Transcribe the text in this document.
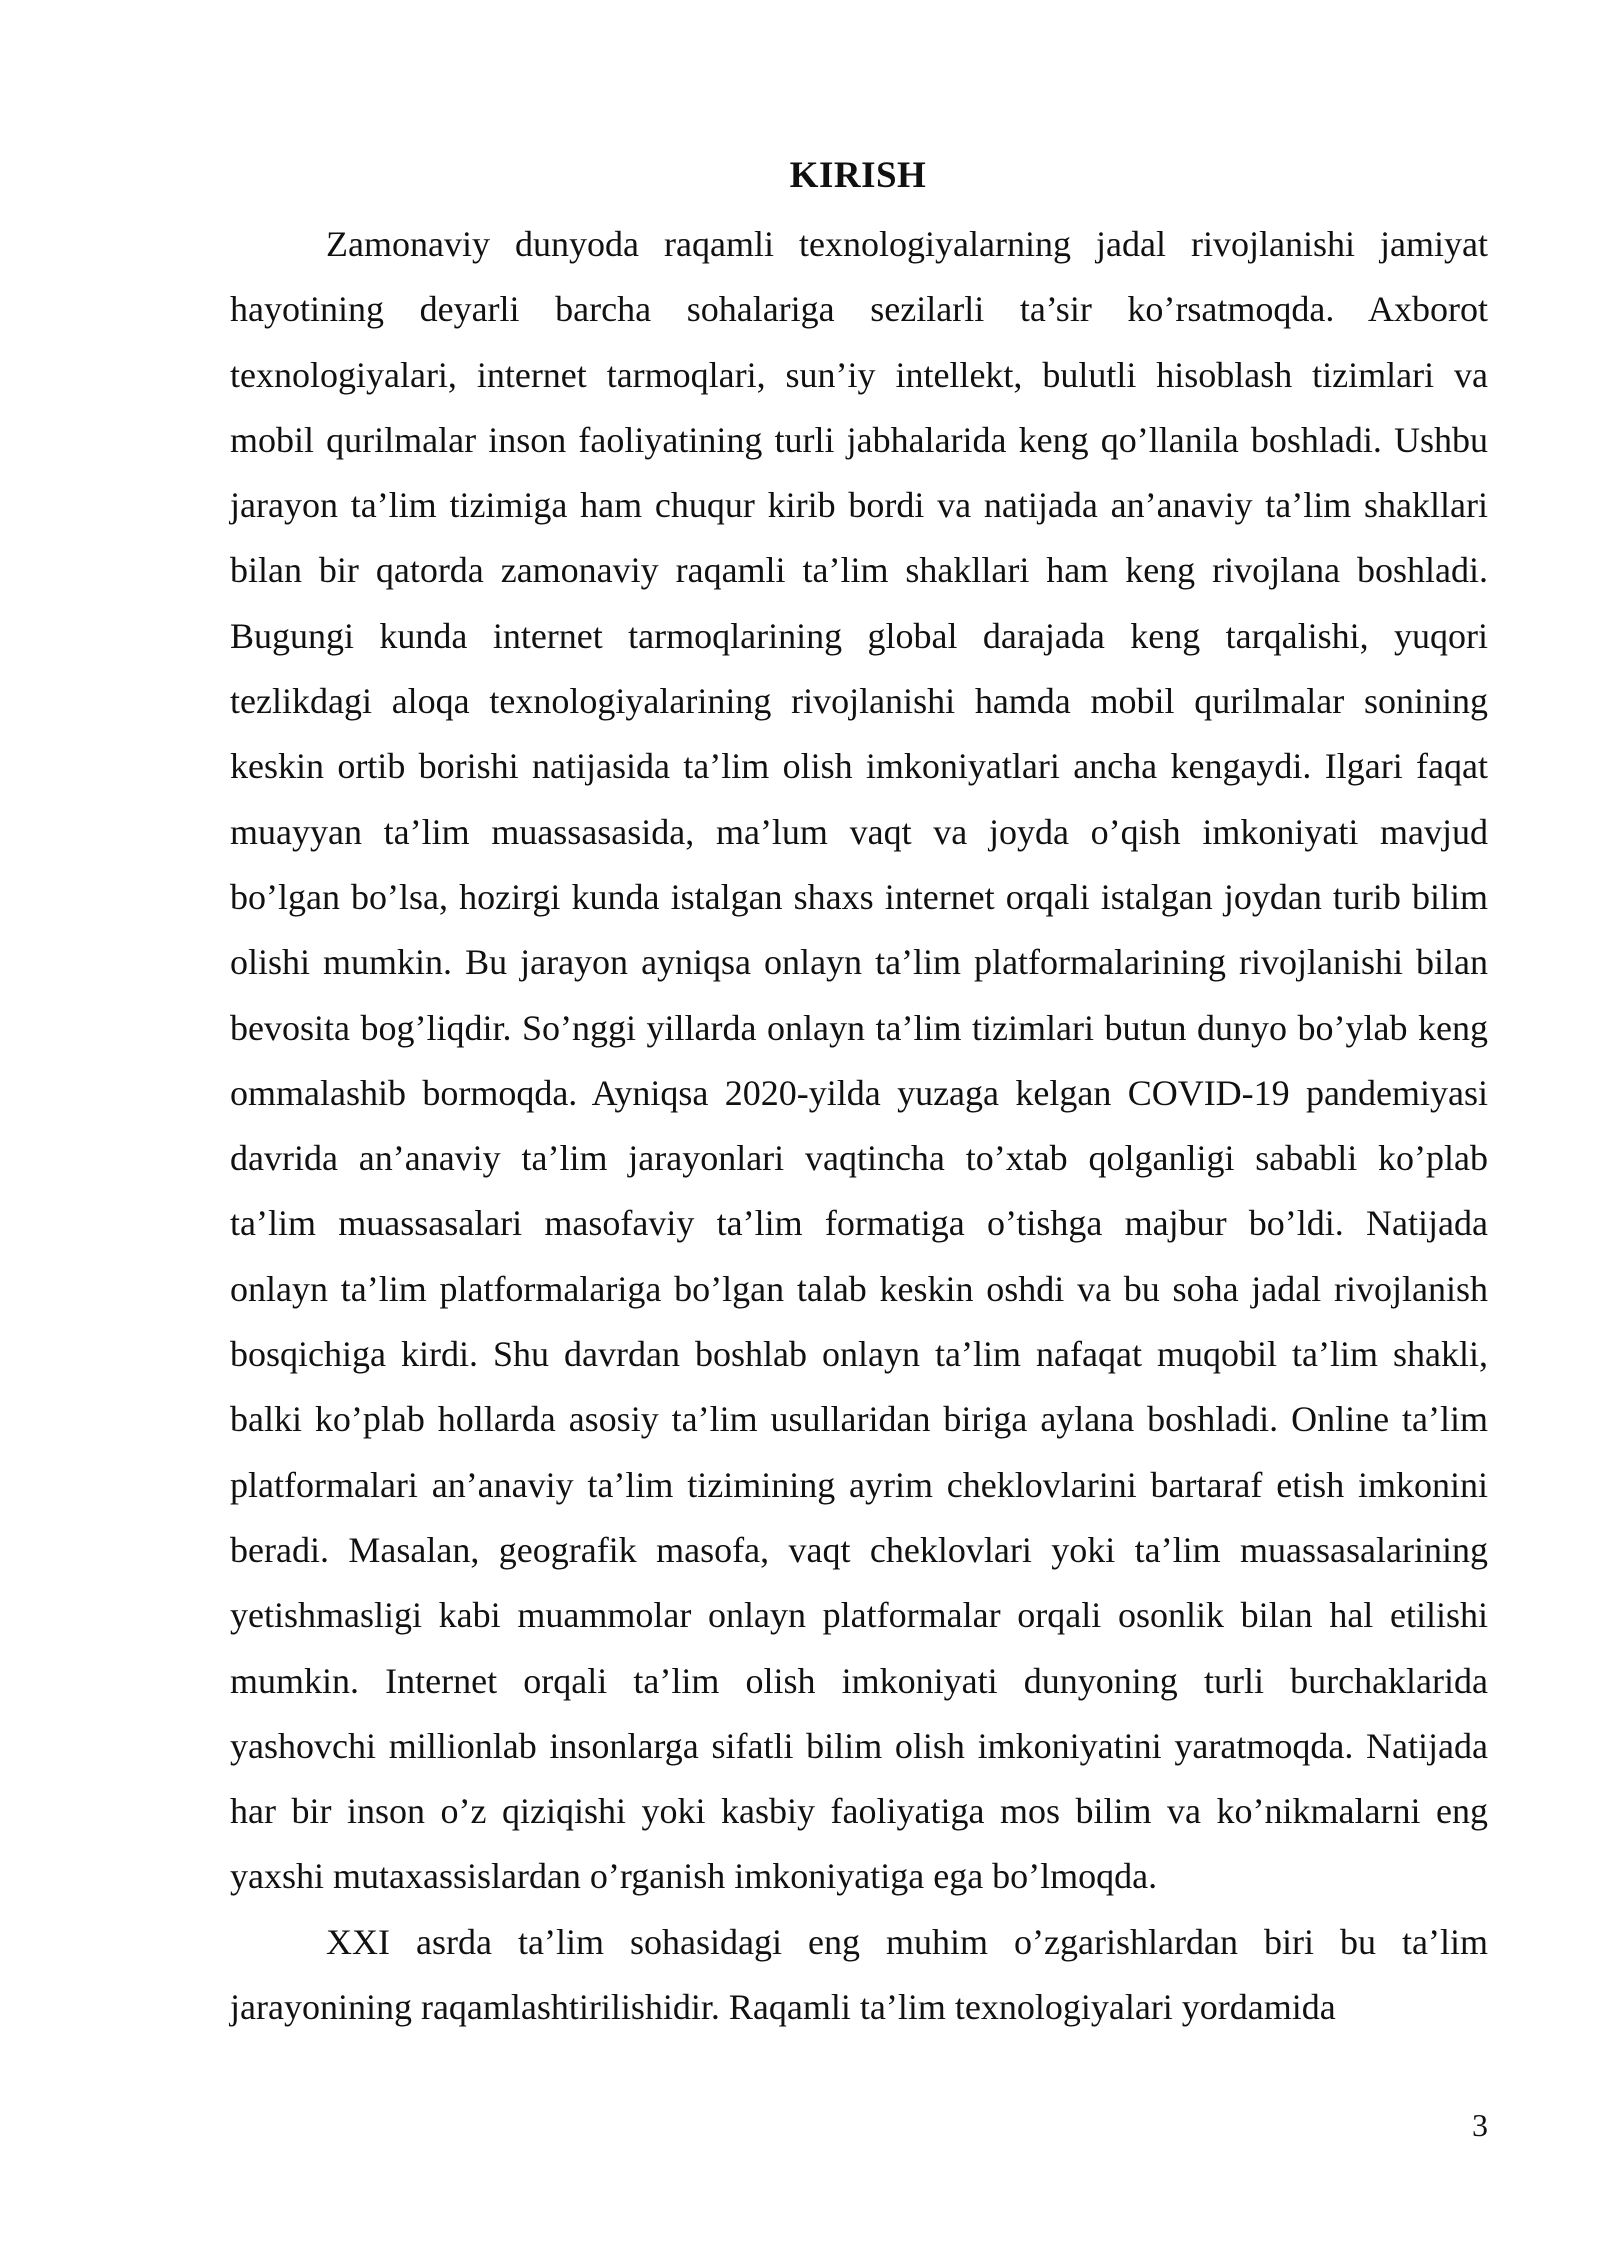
KIRISH

Zamonaviy dunyoda raqamli texnologiyalarning jadal rivojlanishi jamiyat hayotining deyarli barcha sohalariga sezilarli ta’sir ko’rsatmoqda. Axborot texnologiyalari, internet tarmoqlari, sun’iy intellekt, bulutli hisoblash tizimlari va mobil qurilmalar inson faoliyatining turli jabhalarida keng qo’llanila boshladi. Ushbu jarayon ta’lim tizimiga ham chuqur kirib bordi va natijada an’anaviy ta’lim shakllari bilan bir qatorda zamonaviy raqamli ta’lim shakllari ham keng rivojlana boshladi. Bugungi kunda internet tarmoqlarining global darajada keng tarqalishi, yuqori tezlikdagi aloqa texnologiyalarining rivojlanishi hamda mobil qurilmalar sonining keskin ortib borishi natijasida ta’lim olish imkoniyatlari ancha kengaydi. Ilgari faqat muayyan ta’lim muassasasida, ma’lum vaqt va joyda o’qish imkoniyati mavjud bo’lgan bo’lsa, hozirgi kunda istalgan shaxs internet orqali istalgan joydan turib bilim olishi mumkin. Bu jarayon ayniqsa onlayn ta’lim platformalarining rivojlanishi bilan bevosita bog’liqdir. So’nggi yillarda onlayn ta’lim tizimlari butun dunyo bo’ylab keng ommalashib bormoqda. Ayniqsa 2020-yilda yuzaga kelgan COVID-19 pandemiyasi davrida an’anaviy ta’lim jarayonlari vaqtincha to’xtab qolganligi sababli ko’plab ta’lim muassasalari masofaviy ta’lim formatiga o’tishga majbur bo’ldi. Natijada onlayn ta’lim platformalariga bo’lgan talab keskin oshdi va bu soha jadal rivojlanish bosqichiga kirdi. Shu davrdan boshlab onlayn ta’lim nafaqat muqobil ta’lim shakli, balki ko’plab hollarda asosiy ta’lim usullaridan biriga aylana boshladi. Online ta’lim platformalari an’anaviy ta’lim tizimining ayrim cheklovlarini bartaraf etish imkonini beradi. Masalan, geografik masofa, vaqt cheklovlari yoki ta’lim muassasalarining yetishmasligi kabi muammolar onlayn platformalar orqali osonlik bilan hal etilishi mumkin. Internet orqali ta’lim olish imkoniyati dunyoning turli burchaklarida yashovchi millionlab insonlarga sifatli bilim olish imkoniyatini yaratmoqda. Natijada har bir inson o’z qiziqishi yoki kasbiy faoliyatiga mos bilim va ko’nikmalarni eng yaxshi mutaxassislardan o’rganish imkoniyatiga ega bo’lmoqda.

XXI asrda ta’lim sohasidagi eng muhim o’zgarishlardan biri bu ta’lim jarayonining raqamlashtirilishidir. Raqamli ta’lim texnologiyalari yordamida

3
